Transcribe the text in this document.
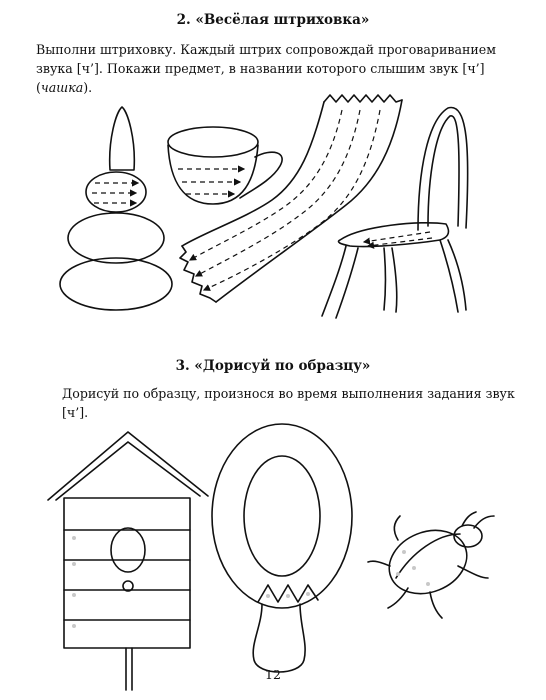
2. «Весёлая штриховка»
Выполни штриховку. Каждый штрих сопровождай проговариванием
звука [ч’]. Покажи предмет, в названии которого слышим звук [ч’] (чашка).
3. «Дорисуй по образцу»
Дорисуй по образцу, произнося во время выполнения задания звук [ч’].
12
